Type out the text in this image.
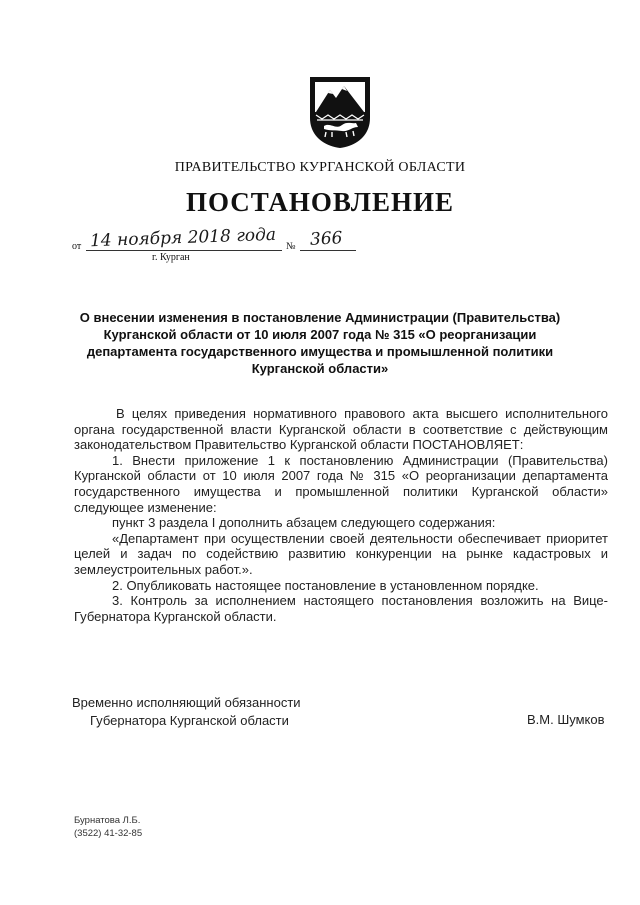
ПРАВИТЕЛЬСТВО КУРГАНСКОЙ ОБЛАСТИ
ПОСТАНОВЛЕНИЕ
от 14 ноября 2018 года № 366
г. Курган
О внесении изменения в постановление Администрации (Правительства) Курганской области от 10 июля 2007 года № 315 «О реорганизации департамента государственного имущества и промышленной политики Курганской области»

В целях приведения нормативного правового акта высшего исполнительного органа государственной власти Курганской области в соответствие с действующим законодательством Правительство Курганской области ПОСТАНОВЛЯЕТ:

1. Внести приложение 1 к постановлению Администрации (Правительства) Курганской области от 10 июля 2007 года № 315 «О реорганизации департамента государственного имущества и промышленной политики Курганской области» следующее изменение:

пункт 3 раздела I дополнить абзацем следующего содержания:

«Департамент при осуществлении своей деятельности обеспечивает приоритет целей и задач по содействию развитию конкуренции на рынке кадастровых и землеустроительных работ.».

2. Опубликовать настоящее постановление в установленном порядке.

3. Контроль за исполнением настоящего постановления возложить на Вице-Губернатора Курганской области.

Временно исполняющий обязанности
Губернатора Курганской области	В.М. Шумков
Бурнатова Л.Б.
(3522) 41-32-85
